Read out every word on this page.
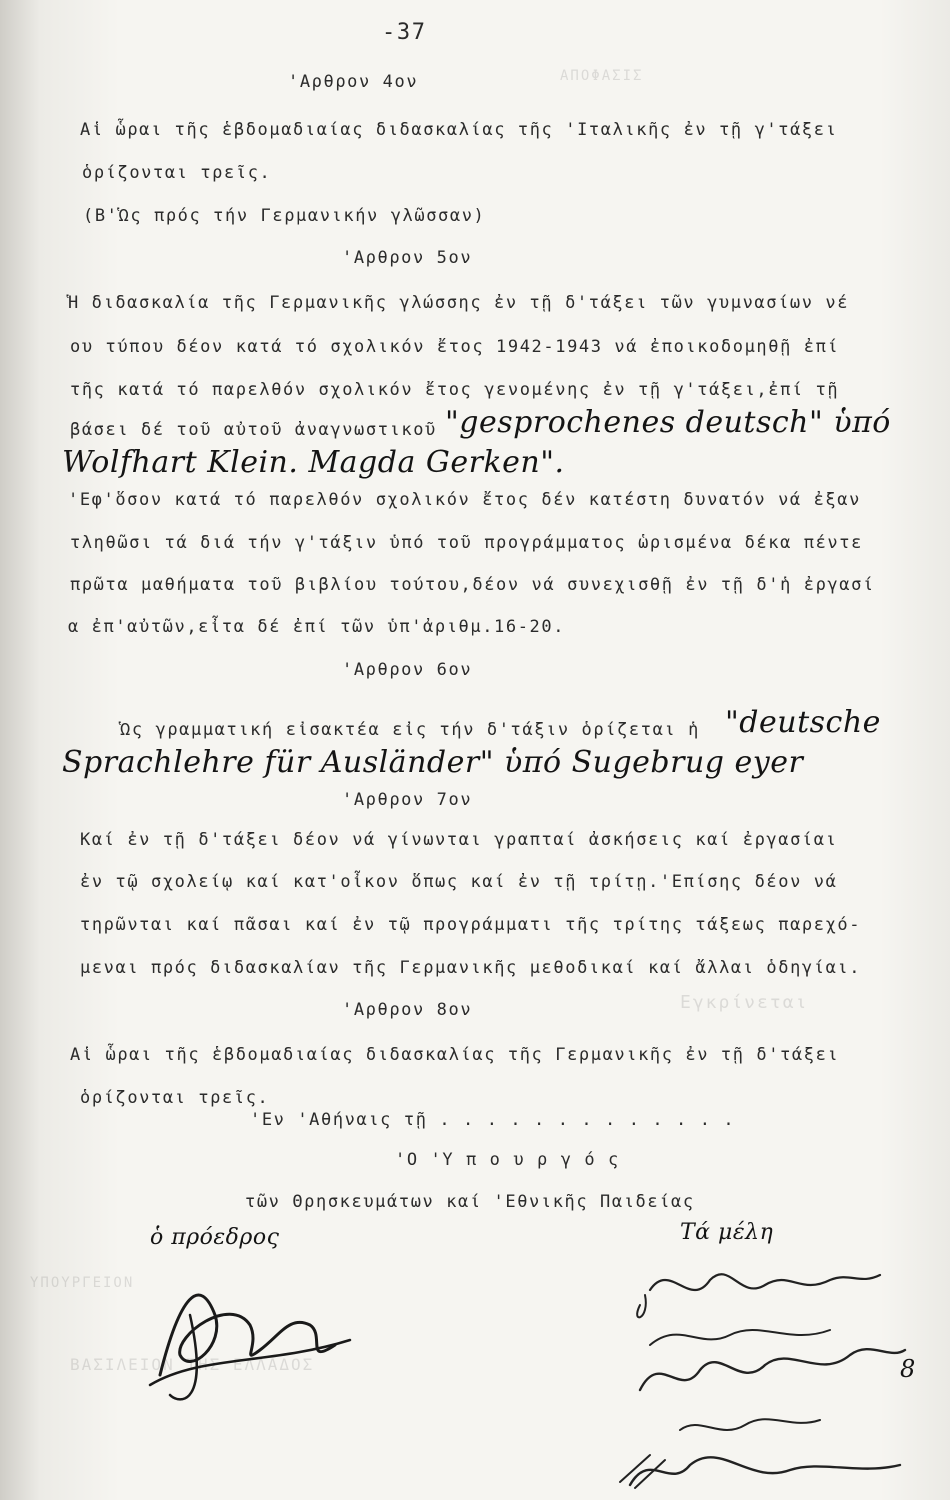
ΥΠΟΥΡΓΕΙΟΝ
ΒΑΣΙΛΕΙΟΝ ΤΗΣ ΕΛΛΑΔΟΣ
Εγκρίνεται
ΑΠΟΦΑΣΙΣ
-37
'Αρθρον 4ον
Αἱ ὧραι τῆς ἑβδομαδιαίας διδασκαλίας τῆς 'Ιταλικῆς ἐν τῇ γ'τάξει
ὁρίζονται τρεῖς.
(Β'Ὡς πρός τήν Γερμανικήν γλῶσσαν)
'Αρθρον 5ον
Ἡ διδασκαλία τῆς Γερμανικῆς γλώσσης ἐν τῇ δ'τάξει τῶν γυμνασίων νέ
ου τύπου δέον κατά τό σχολικόν ἔτος 1942-1943 νά ἐποικοδομηθῇ ἐπί
τῆς κατά τό παρελθόν σχολικόν ἔτος γενομένης ἐν τῇ γ'τάξει,ἐπί τῇ
βάσει δέ τοῦ αὐτοῦ ἀναγνωστικοῦ "gesprochenes deutsch" ὑπό
Wolfhart Klein. Magda Gerken".
'Εφ'ὅσον κατά τό παρελθόν σχολικόν ἔτος δέν κατέστη δυνατόν νά ἐξαν
τληθῶσι τά διά τήν γ'τάξιν ὑπό τοῦ προγράμματος ὡρισμένα δέκα πέντε
πρῶτα μαθήματα τοῦ βιβλίου τούτου,δέον νά συνεχισθῇ ἐν τῇ δ'ἡ ἐργασί
α ἐπ'αὐτῶν,εἶτα δέ ἐπί τῶν ὑπ'ἀριθμ.16-20.
'Αρθρον 6ον
Ὡς γραμματική εἰσακτέα εἰς τήν δ'τάξιν ὁρίζεται ἡ "deutsche
Sprachlehre für Ausländer" ὑπό Sugebrug eyer
'Αρθρον 7ον
Καί ἐν τῇ δ'τάξει δέον νά γίνωνται γραπταί ἀσκήσεις καί ἐργασίαι
ἐν τῷ σχολείῳ καί κατ'οἶκον ὅπως καί ἐν τῇ τρίτῃ.'Επίσης δέον νά
τηρῶνται καί πᾶσαι καί ἐν τῷ προγράμματι τῆς τρίτης τάξεως παρεχό-
μεναι πρός διδασκαλίαν τῆς Γερμανικῆς μεθοδικαί καί ἄλλαι ὁδηγίαι.
'Αρθρον 8ον
Αἱ ὧραι τῆς ἑβδομαδιαίας διδασκαλίας τῆς Γερμανικῆς ἐν τῇ δ'τάξει
ὁρίζονται τρεῖς.
'Εν 'Αθήναις τῇ . . . . . . . . . . . . .
'Ο 'Υ π ο υ ρ γ ό ς
τῶν Θρησκευμάτων καί 'Εθνικῆς Παιδείας
ὁ πρόεδρος	Τά μέλη
8
